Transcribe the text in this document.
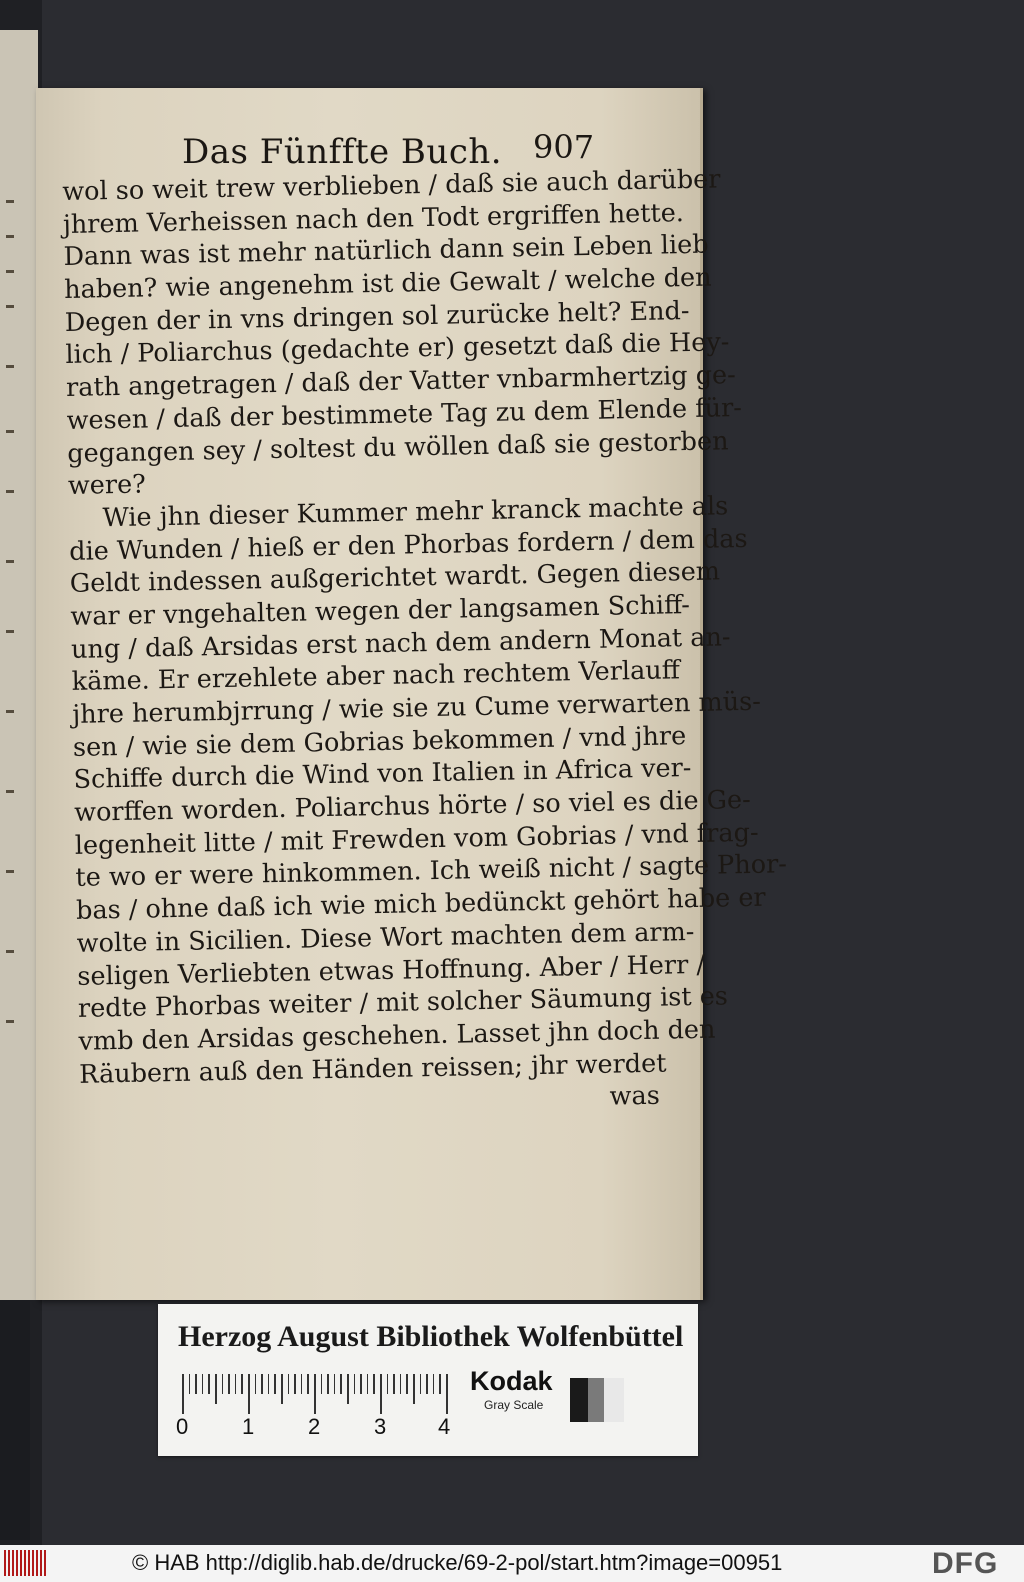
Das Fünffte Buch. 907
wol so weit trew verblieben / daß sie auch darüber
jhrem Verheissen nach den Todt ergriffen hette.
Dann was ist mehr natürlich dann sein Leben lieb
haben? wie angenehm ist die Gewalt / welche den
Degen der in vns dringen sol zurücke helt? End-
lich / Poliarchus (gedachte er) gesetzt daß die Hey-
rath angetragen / daß der Vatter vnbarmhertzig ge-
wesen / daß der bestimmete Tag zu dem Elende für-
gegangen sey / soltest du wöllen daß sie gestorben
were?
Wie jhn dieser Kummer mehr kranck machte als
die Wunden / hieß er den Phorbas fordern / dem das
Geldt indessen außgerichtet wardt. Gegen diesem
war er vngehalten wegen der langsamen Schiff-
ung / daß Arsidas erst nach dem andern Monat an-
käme. Er erzehlete aber nach rechtem Verlauff
jhre herumbjrrung / wie sie zu Cume verwarten müs-
sen / wie sie dem Gobrias bekommen / vnd jhre
Schiffe durch die Wind von Italien in Africa ver-
worffen worden. Poliarchus hörte / so viel es die Ge-
legenheit litte / mit Frewden vom Gobrias / vnd frag-
te wo er were hinkommen. Ich weiß nicht / sagte Phor-
bas / ohne daß ich wie mich bedünckt gehört habe er
wolte in Sicilien. Diese Wort machten dem arm-
seligen Verliebten etwas Hoffnung. Aber / Herr /
redte Phorbas weiter / mit solcher Säumung ist es
vmb den Arsidas geschehen. Lasset jhn doch den
Räubern auß den Händen reissen; jhr werdet
was
Herzog August Bibliothek Wolfenbüttel
0 1 2 3 4
Kodak
Gray Scale
© HAB http://diglib.hab.de/drucke/69-2-pol/start.htm?image=00951	DFG
